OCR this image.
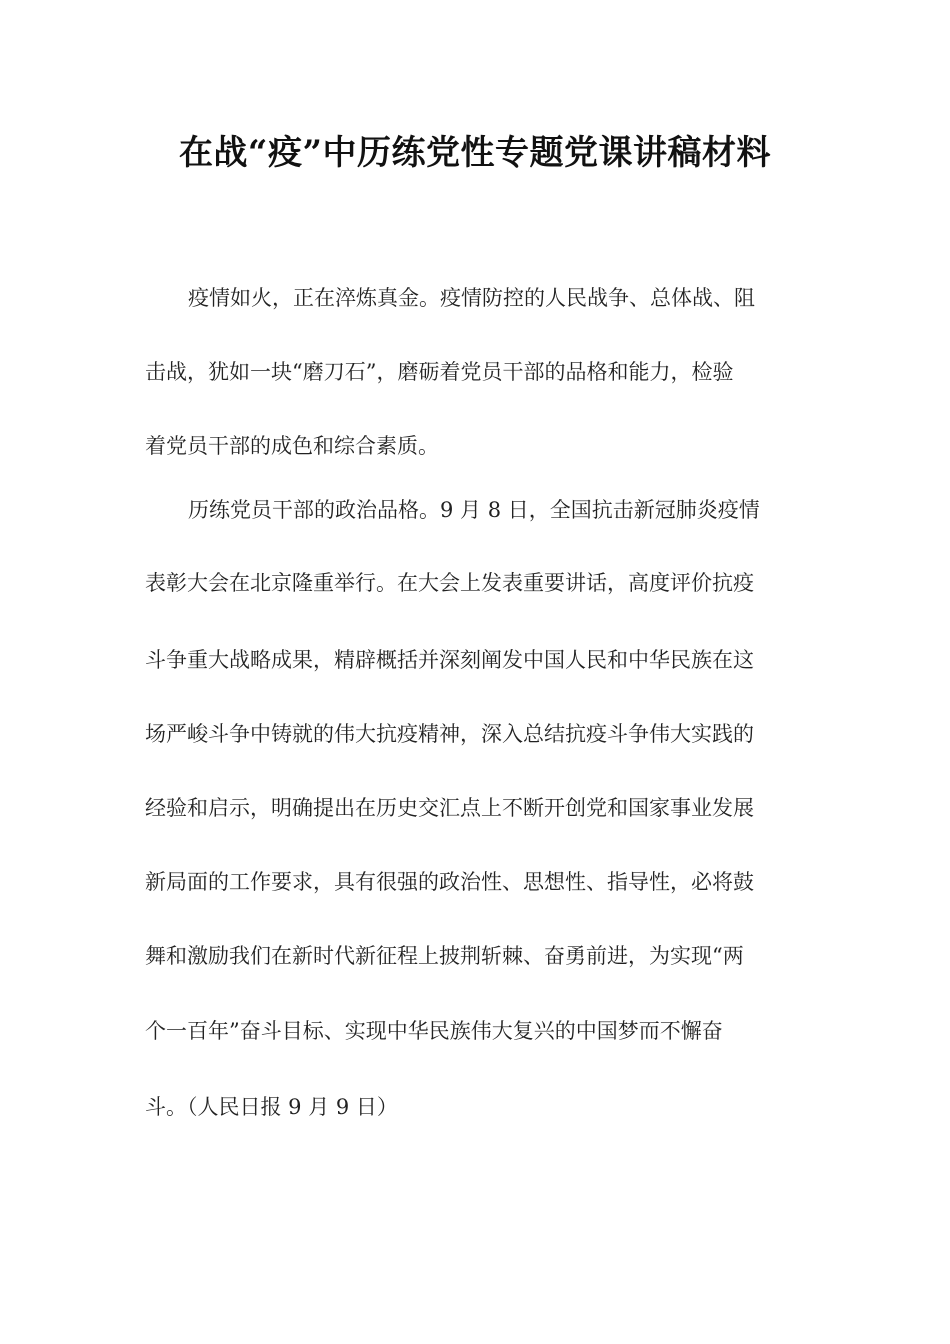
在战“疫”中历练党性专题党课讲稿材料

疫情如火，正在淬炼真金。疫情防控的人民战争、总体战、阻

击战，犹如一块“磨刀石”，磨砺着党员干部的品格和能力，检验

着党员干部的成色和综合素质。

历练党员干部的政治品格。9 月 8 日，全国抗击新冠肺炎疫情

表彰大会在北京隆重举行。在大会上发表重要讲话，高度评价抗疫

斗争重大战略成果，精辟概括并深刻阐发中国人民和中华民族在这

场严峻斗争中铸就的伟大抗疫精神，深入总结抗疫斗争伟大实践的

经验和启示，明确提出在历史交汇点上不断开创党和国家事业发展

新局面的工作要求，具有很强的政治性、思想性、指导性，必将鼓

舞和激励我们在新时代新征程上披荆斩棘、奋勇前进，为实现“两

个一百年”奋斗目标、实现中华民族伟大复兴的中国梦而不懈奋

斗。（人民日报 9 月 9 日）
